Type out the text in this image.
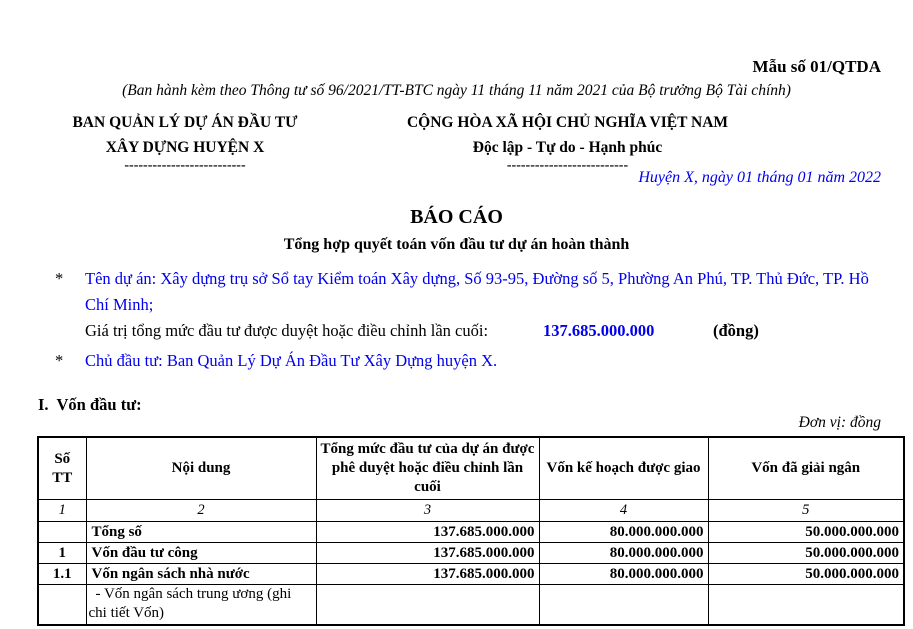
Mẫu số 01/QTDA
(Ban hành kèm theo Thông tư số 96/2021/TT-BTC ngày 11 tháng 11 năm 2021 của Bộ trưởng Bộ Tài chính)
BAN QUẢN LÝ DỰ ÁN ĐẦU TƯ
XÂY DỰNG HUYỆN X
--------------------------
CỘNG HÒA XÃ HỘI CHỦ NGHĨA VIỆT NAM
Độc lập - Tự do - Hạnh phúc
--------------------------
Huyện X, ngày 01 tháng 01 năm 2022
BÁO CÁO
Tổng hợp quyết toán vốn đầu tư dự án hoàn thành
* Tên dự án: Xây dựng trụ sở Sổ tay Kiểm toán Xây dựng, Số 93-95, Đường số 5, Phường An Phú, TP. Thủ Đức, TP. Hồ Chí Minh;
Giá trị tổng mức đầu tư được duyệt hoặc điều chỉnh lần cuối:	137.685.000.000	(đồng)
* Chủ đầu tư: Ban Quản Lý Dự Án Đầu Tư Xây Dựng huyện X.
I.  Vốn đầu tư:
Đơn vị: đồng
Số TT	Nội dung	Tổng mức đầu tư của dự án được phê duyệt hoặc điều chỉnh lần cuối	Vốn kế hoạch được giao	Vốn đã giải ngân
1	2	3	4	5
	Tổng số	137.685.000.000	80.000.000.000	50.000.000.000
1	Vốn đầu tư công	137.685.000.000	80.000.000.000	50.000.000.000
1.1	Vốn ngân sách nhà nước	137.685.000.000	80.000.000.000	50.000.000.000
	- Vốn ngân sách trung ương (ghi chi tiết Vốn)			
